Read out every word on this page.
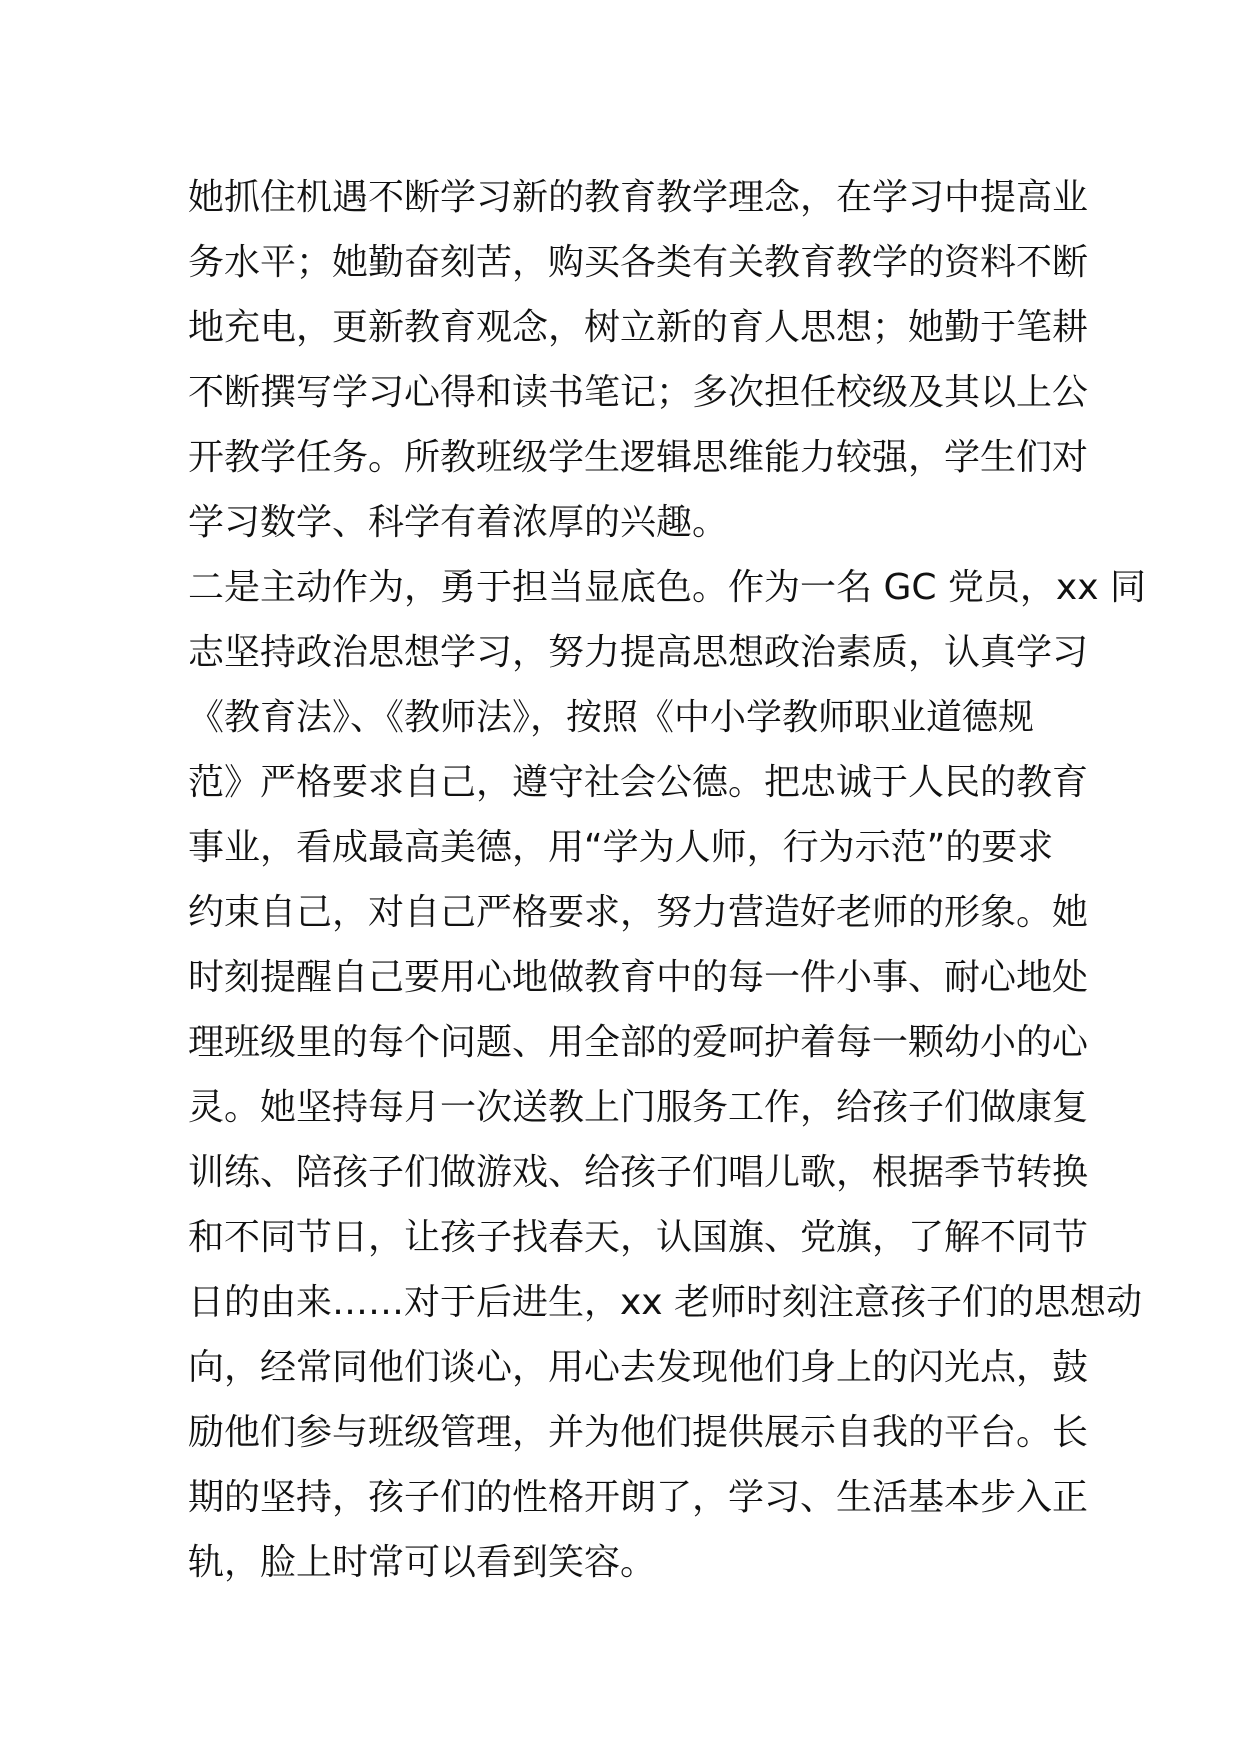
她抓住机遇不断学习新的教育教学理念，在学习中提高业
务水平；她勤奋刻苦，购买各类有关教育教学的资料不断
地充电，更新教育观念，树立新的育人思想；她勤于笔耕
不断撰写学习心得和读书笔记；多次担任校级及其以上公
开教学任务。所教班级学生逻辑思维能力较强，学生们对
学习数学、科学有着浓厚的兴趣。
二是主动作为，勇于担当显底色。作为一名 GC 党员，xx 同
志坚持政治思想学习，努力提高思想政治素质，认真学习
《教育法》、《教师法》，按照《中小学教师职业道德规
范》严格要求自己，遵守社会公德。把忠诚于人民的教育
事业，看成最高美德，用“学为人师，行为示范”的要求
约束自己，对自己严格要求，努力营造好老师的形象。她
时刻提醒自己要用心地做教育中的每一件小事、耐心地处
理班级里的每个问题、用全部的爱呵护着每一颗幼小的心
灵。她坚持每月一次送教上门服务工作，给孩子们做康复
训练、陪孩子们做游戏、给孩子们唱儿歌，根据季节转换
和不同节日，让孩子找春天，认国旗、党旗，了解不同节
日的由来……对于后进生，xx 老师时刻注意孩子们的思想动
向，经常同他们谈心，用心去发现他们身上的闪光点，鼓
励他们参与班级管理，并为他们提供展示自我的平台。长
期的坚持，孩子们的性格开朗了，学习、生活基本步入正
轨，脸上时常可以看到笑容。
